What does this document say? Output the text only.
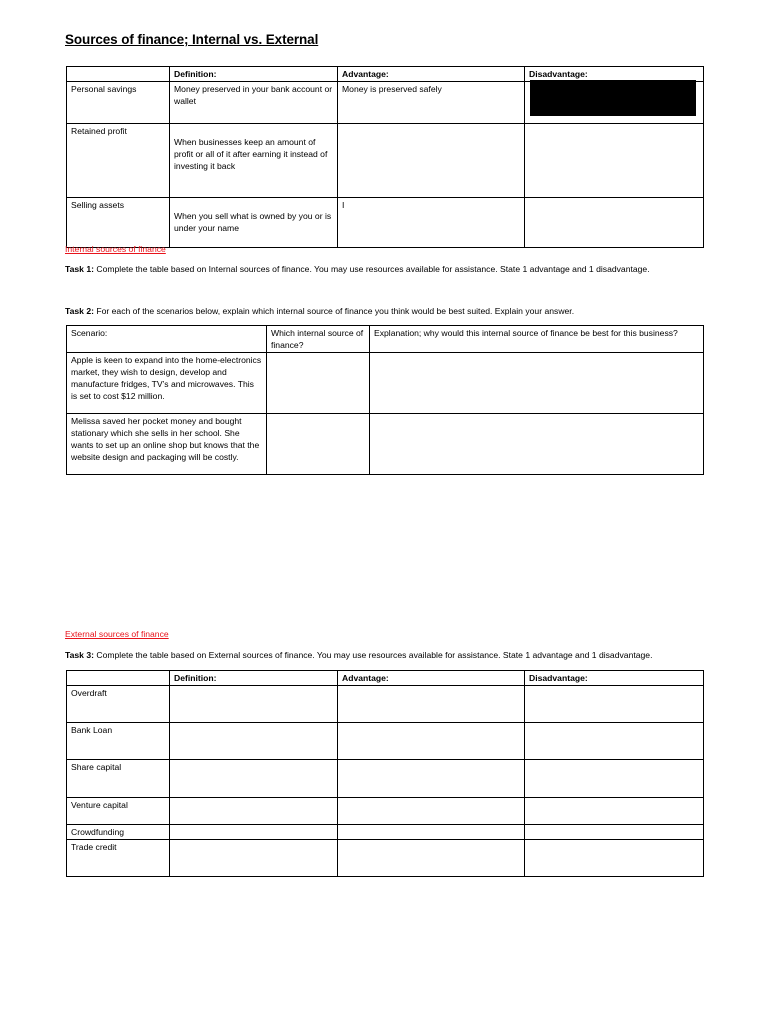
Sources of finance; Internal vs. External
	Definition:	Advantage:	Disadvantage:
Personal savings	Money preserved in your bank account or wallet	Money is preserved safely	
Retained profit	When businesses keep an amount of profit or all of it after earning it instead of investing it back		

Selling assets	When you sell what is owned by you or is under your name	I	
Internal sources of finance
Task 1: Complete the table based on Internal sources of finance. You may use resources available for assistance. State 1 advantage and 1 disadvantage.
Task 2: For each of the scenarios below, explain which internal source of finance you think would be best suited. Explain your answer.
Scenario:	Which internal source of finance?	Explanation; why would this internal source of finance be best for this business?
Apple is keen to expand into the home-electronics market, they wish to design, develop and manufacture fridges, TV’s and microwaves. This is set to cost $12 million.		
Melissa saved her pocket money and bought stationary which she sells in her school. She wants to set up an online shop but knows that the website design and packaging will be costly.		
External sources of finance
Task 3: Complete the table based on External sources of finance. You may use resources available for assistance. State 1 advantage and 1 disadvantage.
	Definition:	Advantage:	Disadvantage:
Overdraft			
Bank Loan			
Share capital			
Venture capital			
Crowdfunding			
Trade credit			
